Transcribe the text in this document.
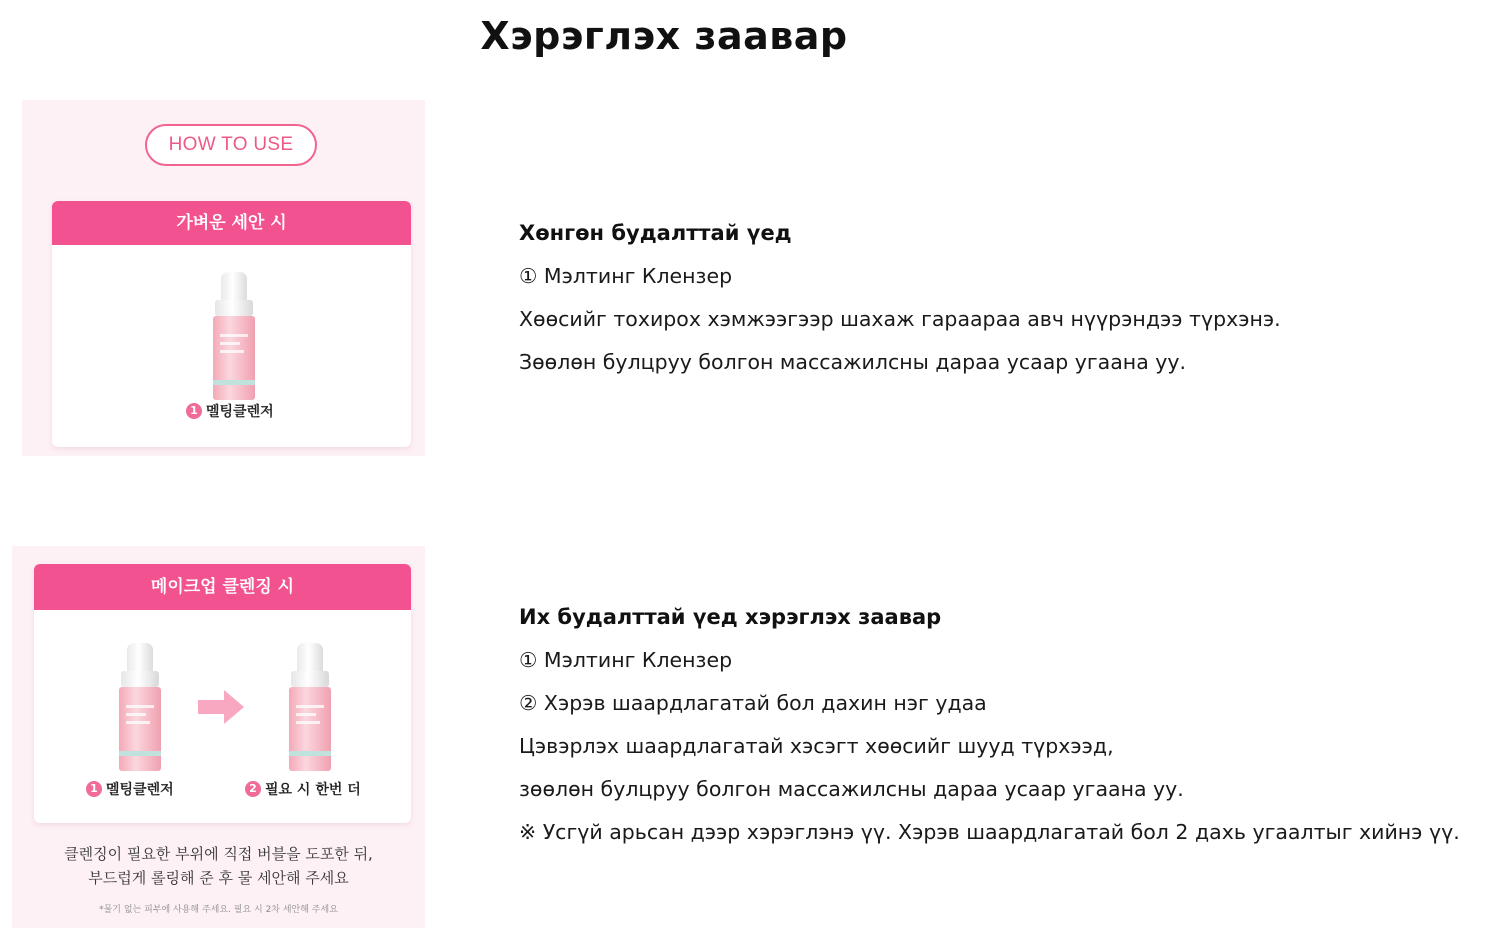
Хэрэглэх заавар
HOW TO USE
가벼운 세안 시
1 멜팅클렌저
메이크업 클렌징 시
1 멜팅클렌저	2 필요 시 한번 더
클렌징이 필요한 부위에 직접 버블을 도포한 뒤,
부드럽게 롤링해 준 후 물 세안해 주세요
*물기 없는 피부에 사용해 주세요. 필요 시 2차 세안해 주세요
Хөнгөн будалттай үед
① Мэлтинг Клензер
Хөөсийг тохирох хэмжээгээр шахаж гараараа авч нүүрэндээ түрхэнэ.
Зөөлөн булцруу болгон массажилсны дараа усаар угаана уу.
Их будалттай үед хэрэглэх заавар
① Мэлтинг Клензер
② Хэрэв шаардлагатай бол дахин нэг удаа
Цэвэрлэх шаардлагатай хэсэгт хөөсийг шууд түрхээд,
зөөлөн булцруу болгон массажилсны дараа усаар угаана уу.
※ Усгүй арьсан дээр хэрэглэнэ үү. Хэрэв шаардлагатай бол 2 дахь угаалтыг хийнэ үү.
